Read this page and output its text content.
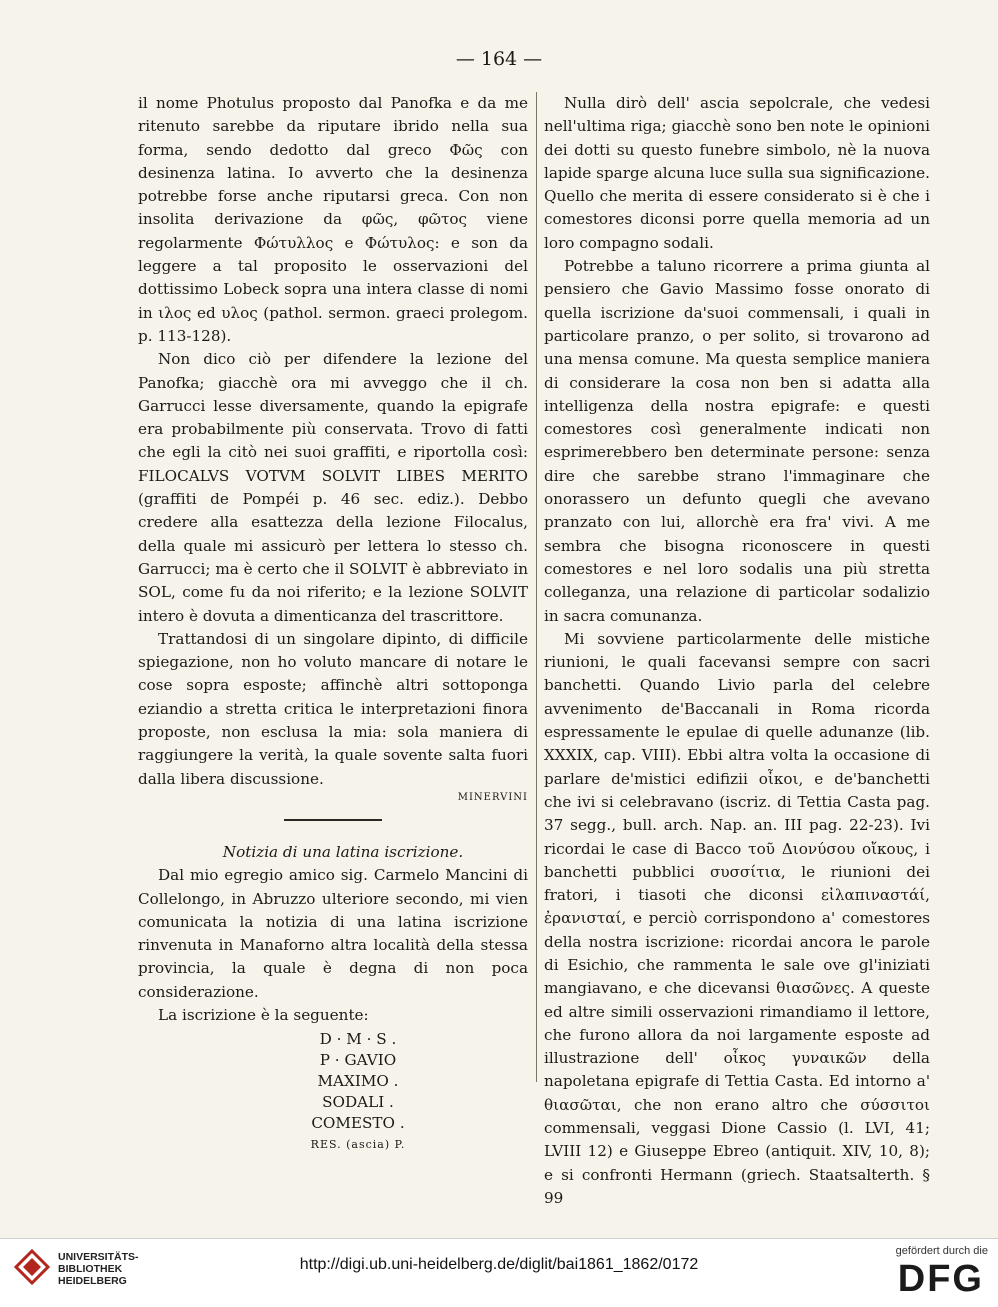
— 164 —

il nome Photulus proposto dal Panofka e da me ritenuto sarebbe da riputare ibrido nella sua forma, sendo dedotto dal greco Φῶς con desinenza latina. Io avverto che la desinenza potrebbe forse anche riputarsi greca. Con non insolita derivazione da φῶς, φῶτος viene regolarmente Φώτυλλος e Φώτυλος: e son da leggere a tal proposito le osservazioni del dottissimo Lobeck sopra una intera classe di nomi in ιλος ed υλος (pathol. sermon. graeci prolegom. p. 113-128).

Non dico ciò per difendere la lezione del Panofka; giacchè ora mi avveggo che il ch. Garrucci lesse diversamente, quando la epigrafe era probabilmente più conservata. Trovo di fatti che egli la citò nei suoi graffiti, e riportolla così: FILOCALVS VOTVM SOLVIT LIBES MERITO (graffiti de Pompéi p. 46 sec. ediz.). Debbo credere alla esattezza della lezione Filocalus, della quale mi assicurò per lettera lo stesso ch. Garrucci; ma è certo che il SOLVIT è abbreviato in SOL, come fu da noi riferito; e la lezione SOLVIT intero è dovuta a dimenticanza del trascrittore.

Trattandosi di un singolare dipinto, di difficile spiegazione, non ho voluto mancare di notare le cose sopra esposte; affinchè altri sottoponga eziandio a stretta critica le interpretazioni finora proposte, non esclusa la mia: sola maniera di raggiungere la verità, la quale sovente salta fuori dalla libera discussione.

MINERVINI

Notizia di una latina iscrizione.

Dal mio egregio amico sig. Carmelo Mancini di Collelongo, in Abruzzo ulteriore secondo, mi vien comunicata la notizia di una latina iscrizione rinvenuta in Manaforno altra località della stessa provincia, la quale è degna di non poca considerazione.

La iscrizione è la seguente:

D · M · S .
P · GAVIO
MAXIMO .
SODALI .
COMESTO .
RES. (ascia) P.

Nulla dirò dell' ascia sepolcrale, che vedesi nell'ultima riga; giacchè sono ben note le opinioni dei dotti su questo funebre simbolo, nè la nuova lapide sparge alcuna luce sulla sua significazione. Quello che merita di essere considerato si è che i comestores diconsi porre quella memoria ad un loro compagno sodali.

Potrebbe a taluno ricorrere a prima giunta al pensiero che Gavio Massimo fosse onorato di quella iscrizione da'suoi commensali, i quali in particolare pranzo, o per solito, si trovarono ad una mensa comune. Ma questa semplice maniera di considerare la cosa non ben si adatta alla intelligenza della nostra epigrafe: e questi comestores così generalmente indicati non esprimerebbero ben determinate persone: senza dire che sarebbe strano l'immaginare che onorassero un defunto quegli che avevano pranzato con lui, allorchè era fra' vivi. A me sembra che bisogna riconoscere in questi comestores e nel loro sodalis una più stretta colleganza, una relazione di particolar sodalizio in sacra comunanza.

Mi sovviene particolarmente delle mistiche riunioni, le quali facevansi sempre con sacri banchetti. Quando Livio parla del celebre avvenimento de'Baccanali in Roma ricorda espressamente le epulae di quelle adunanze (lib. XXXIX, cap. VIII). Ebbi altra volta la occasione di parlare de'mistici edifizii οἶκοι, e de'banchetti che ivi si celebravano (iscriz. di Tettia Casta pag. 37 segg., bull. arch. Nap. an. III pag. 22-23). Ivi ricordai le case di Bacco τοῦ Διονύσου οἴκους, i banchetti pubblici συσσίτια, le riunioni dei fratori, i tiasoti che diconsi εἰλαπιναστάί, ἐρανισταί, e perciò corrispondono a' comestores della nostra iscrizione: ricordai ancora le parole di Esichio, che rammenta le sale ove gl'iniziati mangiavano, e che dicevansi θιασῶνες. A queste ed altre simili osservazioni rimandiamo il lettore, che furono allora da noi largamente esposte ad illustrazione dell' οἶκος γυναικῶν della napoletana epigrafe di Tettia Casta. Ed intorno a' θιασῶται, che non erano altro che σύσσιτοι commensali, veggasi Dione Cassio (l. LVI, 41; LVIII 12) e Giuseppe Ebreo (antiquit. XIV, 10, 8); e si confronti Hermann (griech. Staatsalterth. § 99

UNIVERSITÄTS-
BIBLIOTHEK
HEIDELBERG
http://digi.ub.uni-heidelberg.de/diglit/bai1861_1862/0172
gefördert durch die
DFG
